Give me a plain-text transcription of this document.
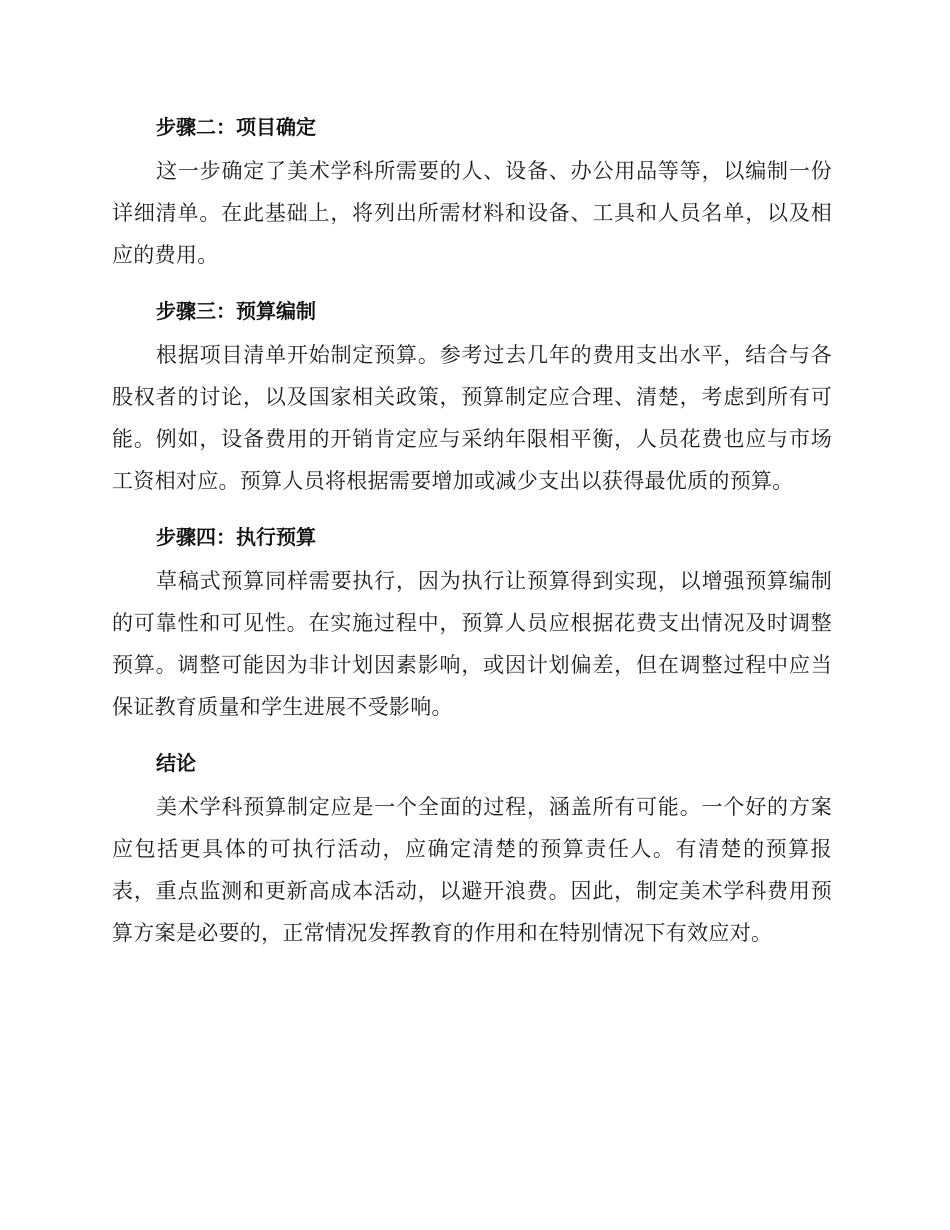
步骤二：项目确定

这一步确定了美术学科所需要的人、设备、办公用品等等，以编制一份详细清单。在此基础上，将列出所需材料和设备、工具和人员名单，以及相应的费用。

步骤三：预算编制

根据项目清单开始制定预算。参考过去几年的费用支出水平，结合与各股权者的讨论，以及国家相关政策，预算制定应合理、清楚，考虑到所有可能。例如，设备费用的开销肯定应与采纳年限相平衡，人员花费也应与市场工资相对应。预算人员将根据需要增加或减少支出以获得最优质的预算。

步骤四：执行预算

草稿式预算同样需要执行，因为执行让预算得到实现，以增强预算编制的可靠性和可见性。在实施过程中，预算人员应根据花费支出情况及时调整预算。调整可能因为非计划因素影响，或因计划偏差，但在调整过程中应当保证教育质量和学生进展不受影响。

结论

美术学科预算制定应是一个全面的过程，涵盖所有可能。一个好的方案应包括更具体的可执行活动，应确定清楚的预算责任人。有清楚的预算报表，重点监测和更新高成本活动，以避开浪费。因此，制定美术学科费用预算方案是必要的，正常情况发挥教育的作用和在特别情况下有效应对。
